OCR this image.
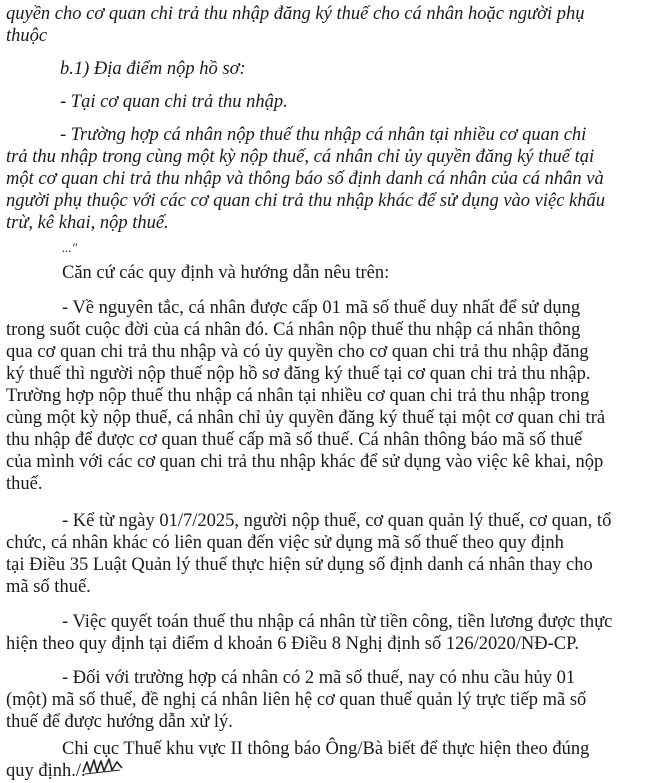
quyền cho cơ quan chi trả thu nhập đăng ký thuế cho cá nhân hoặc người phụ
thuộc
b.1) Địa điểm nộp hồ sơ:
- Tại cơ quan chi trả thu nhập.
- Trường hợp cá nhân nộp thuế thu nhập cá nhân tại nhiều cơ quan chi
trả thu nhập trong cùng một kỳ nộp thuế, cá nhân chỉ ủy quyền đăng ký thuế tại
một cơ quan chi trả thu nhập và thông báo số định danh cá nhân của cá nhân và
người phụ thuộc với các cơ quan chi trả thu nhập khác để sử dụng vào việc khấu
trừ, kê khai, nộp thuế.
..."
Căn cứ các quy định và hướng dẫn nêu trên:
- Về nguyên tắc, cá nhân được cấp 01 mã số thuế duy nhất để sử dụng
trong suốt cuộc đời của cá nhân đó. Cá nhân nộp thuế thu nhập cá nhân thông
qua cơ quan chi trả thu nhập và có ủy quyền cho cơ quan chi trả thu nhập đăng
ký thuế thì người nộp thuế nộp hồ sơ đăng ký thuế tại cơ quan chi trả thu nhập.
Trường hợp nộp thuế thu nhập cá nhân tại nhiều cơ quan chi trả thu nhập trong
cùng một kỳ nộp thuế, cá nhân chỉ ủy quyền đăng ký thuế tại một cơ quan chi trả
thu nhập để được cơ quan thuế cấp mã số thuế. Cá nhân thông báo mã số thuế
của mình với các cơ quan chi trả thu nhập khác để sử dụng vào việc kê khai, nộp
thuế.
- Kể từ ngày 01/7/2025, người nộp thuế, cơ quan quản lý thuế, cơ quan, tổ
chức, cá nhân khác có liên quan đến việc sử dụng mã số thuế theo quy định
tại Điều 35 Luật Quản lý thuế thực hiện sử dụng số định danh cá nhân thay cho
mã số thuế.
- Việc quyết toán thuế thu nhập cá nhân từ tiền công, tiền lương được thực
hiện theo quy định tại điểm d khoản 6 Điều 8 Nghị định số 126/2020/NĐ-CP.
- Đối với trường hợp cá nhân có 2 mã số thuế, nay có nhu cầu hủy 01
(một) mã số thuế, đề nghị cá nhân liên hệ cơ quan thuế quản lý trực tiếp mã số
thuế để được hướng dẫn xử lý.
Chi cục Thuế khu vực II thông báo Ông/Bà biết để thực hiện theo đúng
quy định./.
